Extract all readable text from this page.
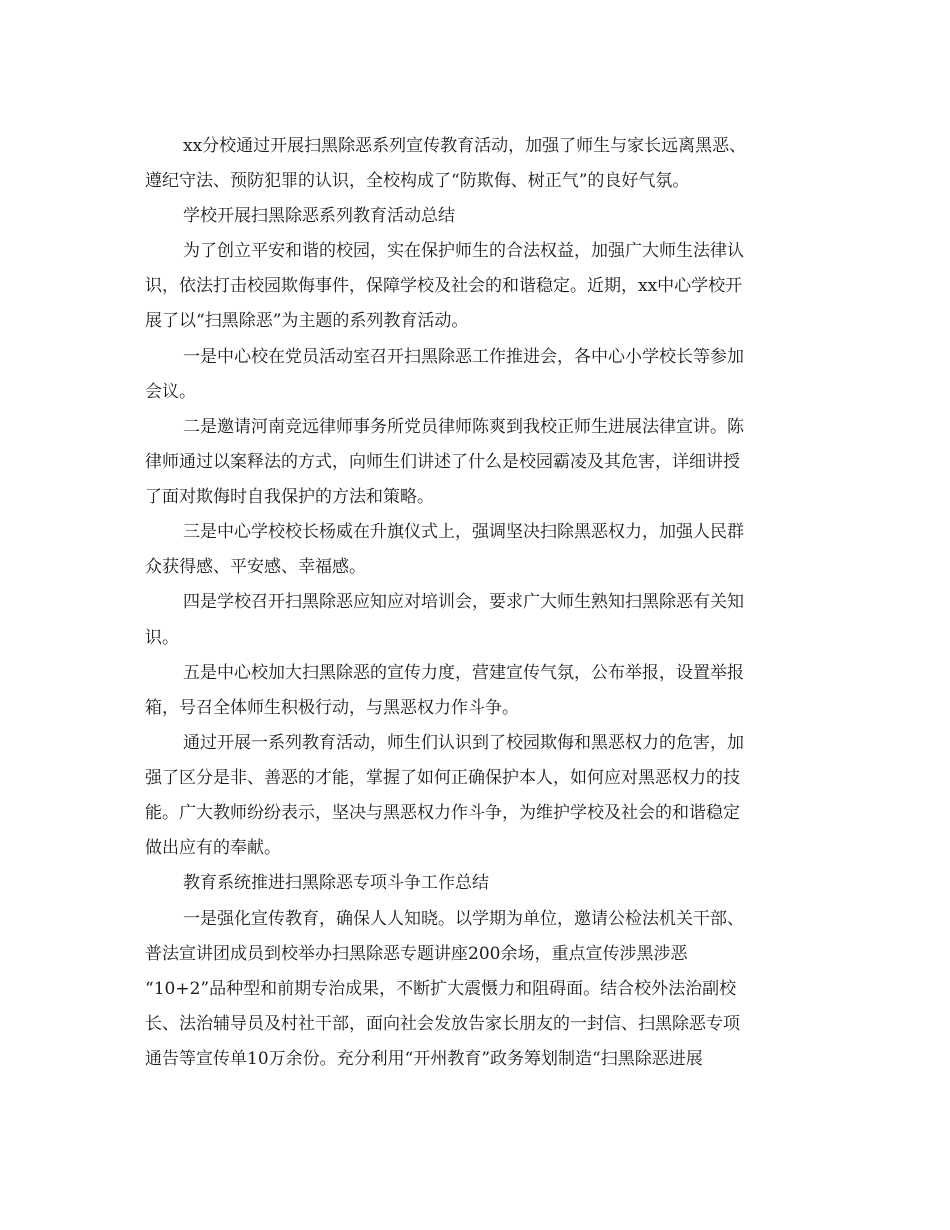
xx分校通过开展扫黑除恶系列宣传教育活动，加强了师生与家长远离黑恶、
遵纪守法、预防犯罪的认识，全校构成了“防欺侮、树正气”的良好气氛。
学校开展扫黑除恶系列教育活动总结
为了创立平安和谐的校园，实在保护师生的合法权益，加强广大师生法律认
识，依法打击校园欺侮事件，保障学校及社会的和谐稳定。近期，xx中心学校开
展了以“扫黑除恶”为主题的系列教育活动。
一是中心校在党员活动室召开扫黑除恶工作推进会，各中心小学校长等参加
会议。
二是邀请河南竞远律师事务所党员律师陈爽到我校正师生进展法律宣讲。陈
律师通过以案释法的方式，向师生们讲述了什么是校园霸凌及其危害，详细讲授
了面对欺侮时自我保护的方法和策略。
三是中心学校校长杨威在升旗仪式上，强调坚决扫除黑恶权力，加强人民群
众获得感、平安感、幸福感。
四是学校召开扫黑除恶应知应对培训会，要求广大师生熟知扫黑除恶有关知
识。
五是中心校加大扫黑除恶的宣传力度，营建宣传气氛，公布举报，设置举报
箱，号召全体师生积极行动，与黑恶权力作斗争。
通过开展一系列教育活动，师生们认识到了校园欺侮和黑恶权力的危害，加
强了区分是非、善恶的才能，掌握了如何正确保护本人，如何应对黑恶权力的技
能。广大教师纷纷表示，坚决与黑恶权力作斗争，为维护学校及社会的和谐稳定
做出应有的奉献。
教育系统推进扫黑除恶专项斗争工作总结
一是强化宣传教育，确保人人知晓。以学期为单位，邀请公检法机关干部、
普法宣讲团成员到校举办扫黑除恶专题讲座200余场，重点宣传涉黑涉恶
“10+2”品种型和前期专治成果，不断扩大震慑力和阻碍面。结合校外法治副校
长、法治辅导员及村社干部，面向社会发放告家长朋友的一封信、扫黑除恶专项
通告等宣传单10万余份。充分利用“开州教育”政务筹划制造“扫黑除恶进展
